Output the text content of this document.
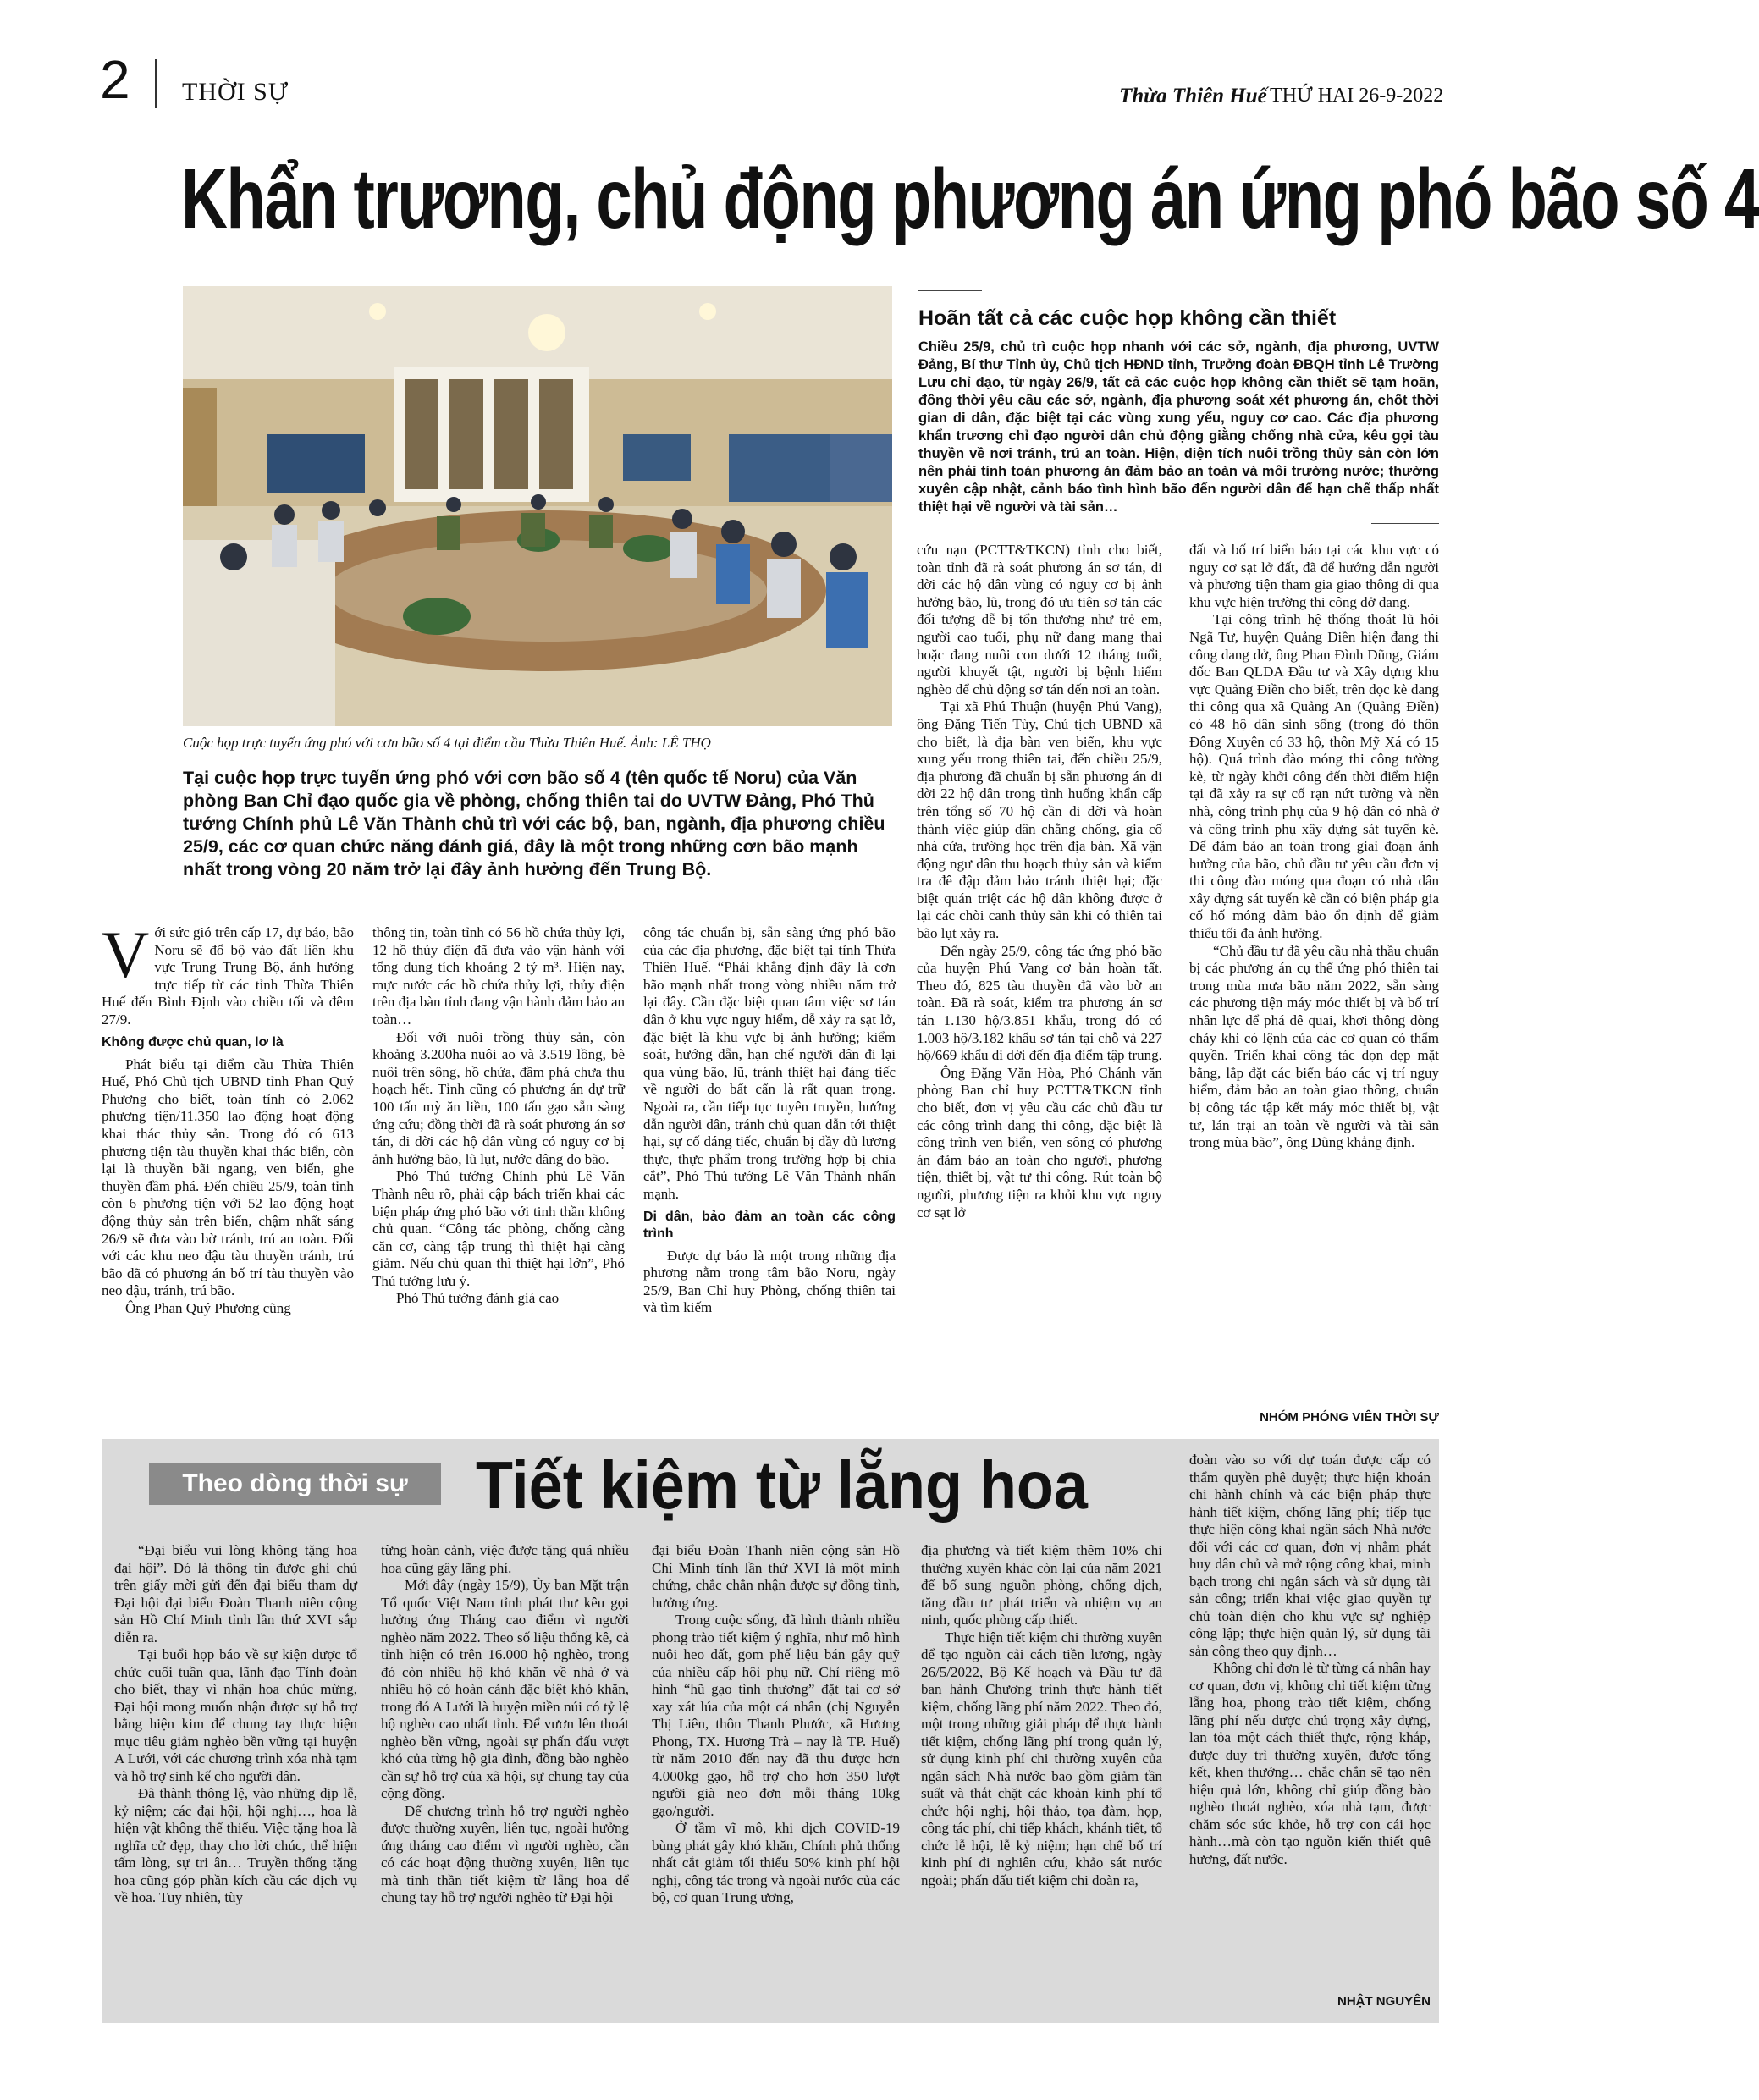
2 THỜI SỰ	Thừa Thiên Huế THỨ HAI 26-9-2022
Khẩn trương, chủ động phương án ứng phó bão số 4
Cuộc họp trực tuyến ứng phó với cơn bão số 4 tại điểm cầu Thừa Thiên Huế. Ảnh: LÊ THỌ
Tại cuộc họp trực tuyến ứng phó với cơn bão số 4 (tên quốc tế Noru) của Văn phòng Ban Chỉ đạo quốc gia về phòng, chống thiên tai do UVTW Đảng, Phó Thủ tướng Chính phủ Lê Văn Thành chủ trì với các bộ, ban, ngành, địa phương chiều 25/9, các cơ quan chức năng đánh giá, đây là một trong những cơn bão mạnh nhất trong vòng 20 năm trở lại đây ảnh hưởng đến Trung Bộ.
Hoãn tất cả các cuộc họp không cần thiết
Chiều 25/9, chủ trì cuộc họp nhanh với các sở, ngành, địa phương, UVTW Đảng, Bí thư Tỉnh ủy, Chủ tịch HĐND tỉnh, Trưởng đoàn ĐBQH tỉnh Lê Trường Lưu chỉ đạo, từ ngày 26/9, tất cả các cuộc họp không cần thiết sẽ tạm hoãn, đồng thời yêu cầu các sở, ngành, địa phương soát xét phương án, chốt thời gian di dân, đặc biệt tại các vùng xung yếu, nguy cơ cao. Các địa phương khẩn trương chỉ đạo người dân chủ động giằng chống nhà cửa, kêu gọi tàu thuyền về nơi tránh, trú an toàn. Hiện, diện tích nuôi trồng thủy sản còn lớn nên phải tính toán phương án đảm bảo an toàn và môi trường nước; thường xuyên cập nhật, cảnh báo tình hình bão đến người dân để hạn chế thấp nhất thiệt hại về người và tài sản…
V ới sức gió trên cấp 17, dự báo, bão Noru sẽ đổ bộ vào đất liền khu vực Trung Trung Bộ, ảnh hưởng trực tiếp từ các tỉnh Thừa Thiên Huế đến Bình Định vào chiều tối và đêm 27/9.

Không được chủ quan, lơ là

Phát biểu tại điểm cầu Thừa Thiên Huế, Phó Chủ tịch UBND tỉnh Phan Quý Phương cho biết, toàn tỉnh có 2.062 phương tiện/11.350 lao động hoạt động khai thác thủy sản. Trong đó có 613 phương tiện tàu thuyền khai thác biển, còn lại là thuyền bãi ngang, ven biển, ghe thuyền đầm phá. Đến chiều 25/9, toàn tỉnh còn 6 phương tiện với 52 lao động hoạt động thủy sản trên biển, chậm nhất sáng 26/9 sẽ đưa vào bờ tránh, trú an toàn. Đối với các khu neo đậu tàu thuyền tránh, trú bão đã có phương án bố trí tàu thuyền vào neo đậu, tránh, trú bão.

Ông Phan Quý Phương cũng

thông tin, toàn tỉnh có 56 hồ chứa thủy lợi, 12 hồ thủy điện đã đưa vào vận hành với tổng dung tích khoảng 2 tỷ m³. Hiện nay, mực nước các hồ chứa thủy lợi, thủy điện trên địa bàn tỉnh đang vận hành đảm bảo an toàn…

Đối với nuôi trồng thủy sản, còn khoảng 3.200ha nuôi ao và 3.519 lồng, bè nuôi trên sông, hồ chứa, đầm phá chưa thu hoạch hết. Tỉnh cũng có phương án dự trữ 100 tấn mỳ ăn liền, 100 tấn gạo sẵn sàng ứng cứu; đồng thời đã rà soát phương án sơ tán, di dời các hộ dân vùng có nguy cơ bị ảnh hưởng bão, lũ lụt, nước dâng do bão.

Phó Thủ tướng Chính phủ Lê Văn Thành nêu rõ, phải cập bách triển khai các biện pháp ứng phó bão với tinh thần không chủ quan. “Công tác phòng, chống càng căn cơ, càng tập trung thì thiệt hại càng giảm. Nếu chủ quan thì thiệt hại lớn”, Phó Thủ tướng lưu ý.

Phó Thủ tướng đánh giá cao

công tác chuẩn bị, sẵn sàng ứng phó bão của các địa phương, đặc biệt tại tỉnh Thừa Thiên Huế. “Phải khẳng định đây là cơn bão mạnh nhất trong vòng nhiều năm trở lại đây. Cần đặc biệt quan tâm việc sơ tán dân ở khu vực nguy hiểm, dễ xảy ra sạt lở, đặc biệt là khu vực bị ảnh hưởng; kiểm soát, hướng dẫn, hạn chế người dân đi lại qua vùng bão, lũ, tránh thiệt hại đáng tiếc về người do bất cẩn là rất quan trọng. Ngoài ra, cần tiếp tục tuyên truyền, hướng dẫn người dân, tránh chủ quan dẫn tới thiệt hại, sự cố đáng tiếc, chuẩn bị đầy đủ lương thực, thực phẩm trong trường hợp bị chia cắt”, Phó Thủ tướng Lê Văn Thành nhấn mạnh.

Di dân, bảo đảm an toàn các công trình

Được dự báo là một trong những địa phương nằm trong tâm bão Noru, ngày 25/9, Ban Chỉ huy Phòng, chống thiên tai và tìm kiếm

cứu nạn (PCTT&TKCN) tỉnh cho biết, toàn tỉnh đã rà soát phương án sơ tán, di dời các hộ dân vùng có nguy cơ bị ảnh hưởng bão, lũ, trong đó ưu tiên sơ tán các đối tượng dễ bị tổn thương như trẻ em, người cao tuổi, phụ nữ đang mang thai hoặc đang nuôi con dưới 12 tháng tuổi, người khuyết tật, người bị bệnh hiểm nghèo để chủ động sơ tán đến nơi an toàn.

Tại xã Phú Thuận (huyện Phú Vang), ông Đặng Tiến Tùy, Chủ tịch UBND xã cho biết, là địa bàn ven biển, khu vực xung yếu trong thiên tai, đến chiều 25/9, địa phương đã chuẩn bị sẵn phương án di dời 22 hộ dân trong tình huống khẩn cấp trên tổng số 70 hộ cần di dời và hoàn thành việc giúp dân chằng chống, gia cố nhà cửa, trường học trên địa bàn. Xã vận động ngư dân thu hoạch thủy sản và kiểm tra đê đập đảm bảo tránh thiệt hại; đặc biệt quán triệt các hộ dân không được ở lại các chòi canh thủy sản khi có thiên tai bão lụt xảy ra.

Đến ngày 25/9, công tác ứng phó bão của huyện Phú Vang cơ bản hoàn tất. Theo đó, 825 tàu thuyền đã vào bờ an toàn. Đã rà soát, kiểm tra phương án sơ tán 1.130 hộ/3.851 khẩu, trong đó có 1.003 hộ/3.182 khẩu sơ tán tại chỗ và 227 hộ/669 khẩu di dời đến địa điểm tập trung.

Ông Đặng Văn Hòa, Phó Chánh văn phòng Ban chỉ huy PCTT&TKCN tỉnh cho biết, đơn vị yêu cầu các chủ đầu tư các công trình đang thi công, đặc biệt là công trình ven biển, ven sông có phương án đảm bảo an toàn cho người, phương tiện, thiết bị, vật tư thi công. Rút toàn bộ người, phương tiện ra khỏi khu vực nguy cơ sạt lở

đất và bố trí biển báo tại các khu vực có nguy cơ sạt lở đất, đã để hướng dẫn người và phương tiện tham gia giao thông đi qua khu vực hiện trường thi công dở dang.

Tại công trình hệ thống thoát lũ hói Ngã Tư, huyện Quảng Điền hiện đang thi công dang dở, ông Phan Đình Dũng, Giám đốc Ban QLDA Đầu tư và Xây dựng khu vực Quảng Điền cho biết, trên dọc kè đang thi công qua xã Quảng An (Quảng Điền) có 48 hộ dân sinh sống (trong đó thôn Đông Xuyên có 33 hộ, thôn Mỹ Xá có 15 hộ). Quá trình đào móng thi công tường kè, từ ngày khởi công đến thời điểm hiện tại đã xảy ra sự cố rạn nứt tường và nền nhà, công trình phụ của 9 hộ dân có nhà ở và công trình phụ xây dựng sát tuyến kè. Để đảm bảo an toàn trong giai đoạn ảnh hưởng của bão, chủ đầu tư yêu cầu đơn vị thi công đào móng qua đoạn có nhà dân xây dựng sát tuyến kè cần có biện pháp gia cố hố móng đảm bảo ổn định để giảm thiểu tối đa ảnh hưởng.

“Chủ đầu tư đã yêu cầu nhà thầu chuẩn bị các phương án cụ thể ứng phó thiên tai trong mùa mưa bão năm 2022, sẵn sàng các phương tiện máy móc thiết bị và bố trí nhân lực để phá đê quai, khơi thông dòng chảy khi có lệnh của các cơ quan có thẩm quyền. Triển khai công tác dọn dẹp mặt bằng, lắp đặt các biển báo các vị trí nguy hiểm, đảm bảo an toàn giao thông, chuẩn bị công tác tập kết máy móc thiết bị, vật tư, lán trại an toàn về người và tài sản trong mùa bão”, ông Dũng khẳng định.

NHÓM PHÓNG VIÊN THỜI SỰ
Theo dòng thời sự	Tiết kiệm từ lẵng hoa

“Đại biểu vui lòng không tặng hoa đại hội”. Đó là thông tin được ghi chú trên giấy mời gửi đến đại biểu tham dự Đại hội đại biểu Đoàn Thanh niên cộng sản Hồ Chí Minh tỉnh lần thứ XVI sắp diễn ra.

Tại buổi họp báo về sự kiện được tổ chức cuối tuần qua, lãnh đạo Tỉnh đoàn cho biết, thay vì nhận hoa chúc mừng, Đại hội mong muốn nhận được sự hỗ trợ bằng hiện kim để chung tay thực hiện mục tiêu giảm nghèo bền vững tại huyện A Lưới, với các chương trình xóa nhà tạm và hỗ trợ sinh kế cho người dân.

Đã thành thông lệ, vào những dịp lễ, kỷ niệm; các đại hội, hội nghị…, hoa là hiện vật không thể thiếu. Việc tặng hoa là nghĩa cử đẹp, thay cho lời chúc, thể hiện tấm lòng, sự tri ân… Truyền thống tặng hoa cũng góp phần kích cầu các dịch vụ về hoa. Tuy nhiên, tùy

từng hoàn cảnh, việc được tặng quá nhiều hoa cũng gây lãng phí.

Mới đây (ngày 15/9), Ủy ban Mặt trận Tổ quốc Việt Nam tỉnh phát thư kêu gọi hưởng ứng Tháng cao điểm vì người nghèo năm 2022. Theo số liệu thống kê, cả tỉnh hiện có trên 16.000 hộ nghèo, trong đó còn nhiều hộ khó khăn về nhà ở và nhiều hộ có hoàn cảnh đặc biệt khó khăn, trong đó A Lưới là huyện miền núi có tỷ lệ hộ nghèo cao nhất tỉnh. Để vươn lên thoát nghèo bền vững, ngoài sự phấn đấu vượt khó của từng hộ gia đình, đồng bào nghèo cần sự hỗ trợ của xã hội, sự chung tay của cộng đồng.

Để chương trình hỗ trợ người nghèo được thường xuyên, liên tục, ngoài hưởng ứng tháng cao điểm vì người nghèo, cần có các hoạt động thường xuyên, liên tục mà tinh thần tiết kiệm từ lẵng hoa để chung tay hỗ trợ người nghèo từ Đại hội

đại biểu Đoàn Thanh niên cộng sản Hồ Chí Minh tỉnh lần thứ XVI là một minh chứng, chắc chắn nhận được sự đồng tình, hưởng ứng.

Trong cuộc sống, đã hình thành nhiều phong trào tiết kiệm ý nghĩa, như mô hình nuôi heo đất, gom phế liệu bán gây quỹ của nhiều cấp hội phụ nữ. Chỉ riêng mô hình “hũ gạo tình thương” đặt tại cơ sở xay xát lúa của một cá nhân (chị Nguyễn Thị Liên, thôn Thanh Phước, xã Hương Phong, TX. Hương Trà – nay là TP. Huế) từ năm 2010 đến nay đã thu được hơn 4.000kg gạo, hỗ trợ cho hơn 350 lượt người già neo đơn mỗi tháng 10kg gạo/người.

Ở tầm vĩ mô, khi dịch COVID-19 bùng phát gây khó khăn, Chính phủ thống nhất cắt giảm tối thiểu 50% kinh phí hội nghị, công tác trong và ngoài nước của các bộ, cơ quan Trung ương,

địa phương và tiết kiệm thêm 10% chi thường xuyên khác còn lại của năm 2021 để bổ sung nguồn phòng, chống dịch, tăng đầu tư phát triển và nhiệm vụ an ninh, quốc phòng cấp thiết.

Thực hiện tiết kiệm chi thường xuyên để tạo nguồn cải cách tiền lương, ngày 26/5/2022, Bộ Kế hoạch và Đầu tư đã ban hành Chương trình thực hành tiết kiệm, chống lãng phí năm 2022. Theo đó, một trong những giải pháp để thực hành tiết kiệm, chống lãng phí trong quản lý, sử dụng kinh phí chi thường xuyên của ngân sách Nhà nước bao gồm giảm tần suất và thắt chặt các khoản kinh phí tổ chức hội nghị, hội thảo, tọa đàm, họp, công tác phí, chi tiếp khách, khánh tiết, tổ chức lễ hội, lễ kỷ niệm; hạn chế bố trí kinh phí đi nghiên cứu, khảo sát nước ngoài; phấn đấu tiết kiệm chi đoàn ra,

đoàn vào so với dự toán được cấp có thẩm quyền phê duyệt; thực hiện khoán chi hành chính và các biện pháp thực hành tiết kiệm, chống lãng phí; tiếp tục thực hiện công khai ngân sách Nhà nước đối với các cơ quan, đơn vị nhằm phát huy dân chủ và mở rộng công khai, minh bạch trong chi ngân sách và sử dụng tài sản công; triển khai việc giao quyền tự chủ toàn diện cho khu vực sự nghiệp công lập; thực hiện quản lý, sử dụng tài sản công theo quy định…

Không chỉ đơn lẻ từ từng cá nhân hay cơ quan, đơn vị, không chỉ tiết kiệm từng lẵng hoa, phong trào tiết kiệm, chống lãng phí nếu được chú trọng xây dựng, lan tỏa một cách thiết thực, rộng khắp, được duy trì thường xuyên, được tổng kết, khen thưởng… chắc chắn sẽ tạo nên hiệu quả lớn, không chỉ giúp đồng bào nghèo thoát nghèo, xóa nhà tạm, được chăm sóc sức khỏe, hỗ trợ con cái học hành…mà còn tạo nguồn kiến thiết quê hương, đất nước.

NHẬT NGUYÊN
